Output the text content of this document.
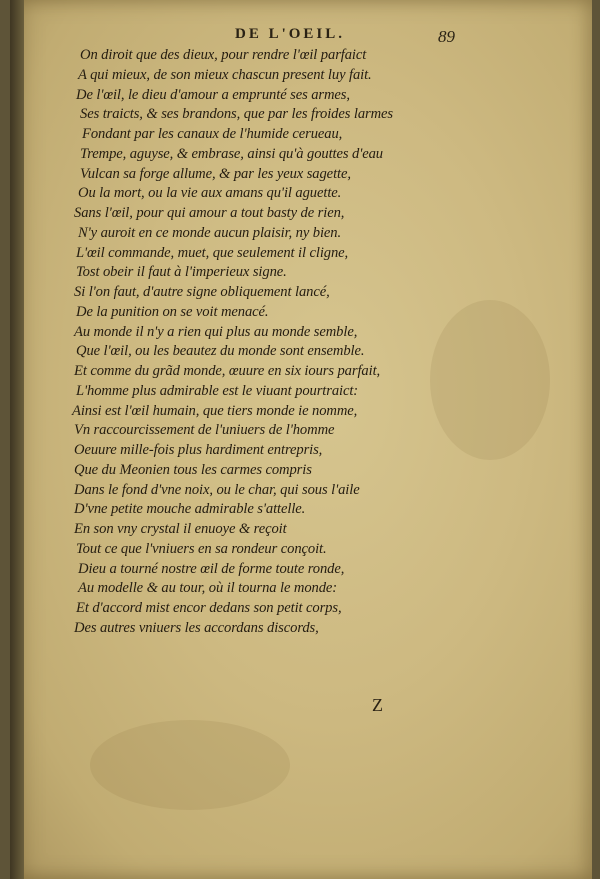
DE L'OEIL.	89
On diroit que des dieux, pour rendre l'œil parfaict
A qui mieux, de son mieux chascun present luy fait.
De l'œil, le dieu d'amour a emprunté ses armes,
Ses traicts, & ses brandons, que par les froides larmes
Fondant par les canaux de l'humide cerueau,
Trempe, aguyse, & embrase, ainsi qu'à gouttes d'eau
Vulcan sa forge allume, & par les yeux sagette,
Ou la mort, ou la vie aux amans qu'il aguette.
Sans l'œil, pour qui amour a tout basty de rien,
N'y auroit en ce monde aucun plaisir, ny bien.
L'œil commande, muet, que seulement il cligne,
Tost obeir il faut à l'imperieux signe.
Si l'on faut, d'autre signe obliquement lancé,
De la punition on se voit menacé.
Au monde il n'y a rien qui plus au monde semble,
Que l'œil, ou les beautez du monde sont ensemble.
Et comme du grãd monde, œuure en six iours parfait,
L'homme plus admirable est le viuant pourtraict:
Ainsi est l'œil humain, que tiers monde ie nomme,
Vn raccourcissement de l'uniuers de l'homme
Oeuure mille-fois plus hardiment entrepris,
Que du Meonien tous les carmes compris
Dans le fond d'vne noix, ou le char, qui sous l'aile
D'vne petite mouche admirable s'attelle.
En son vny crystal il enuoye & reçoit
Tout ce que l'vniuers en sa rondeur conçoit.
Dieu a tourné nostre œil de forme toute ronde,
Au modelle & au tour, où il tourna le monde:
Et d'accord mist encor dedans son petit corps,
Des autres vniuers les accordans discords,
Z
